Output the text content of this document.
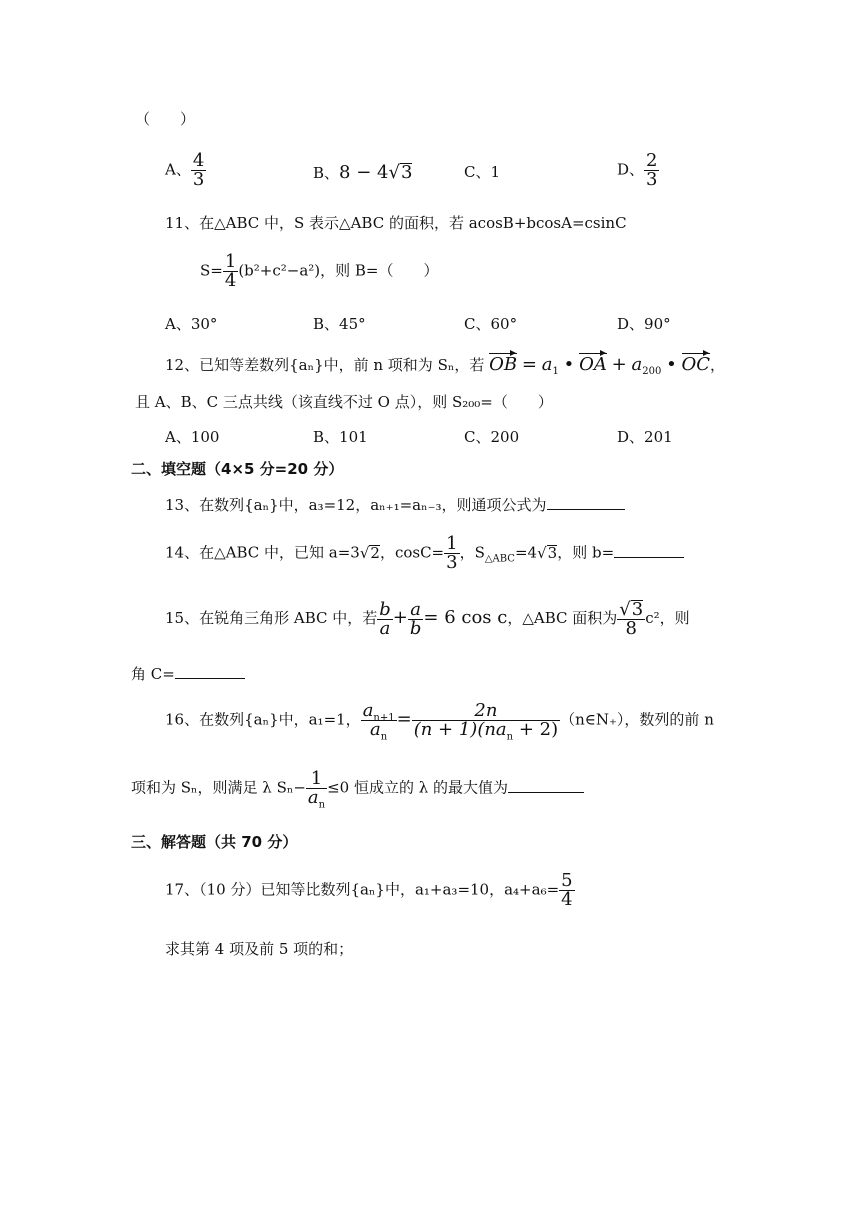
（　　）
A、 $\frac{4}{3}$	B、8 − 4√3	C、1	D、 $\frac{2}{3}$
11、在△ABC 中，S 表示△ABC 的面积，若 acosB+bcosA=csinC
$S= \frac{1}{4} (b^2+c^2-a^2)$，则 B=（　　）
A、30°	B、45°	C、60°	D、90°
12、已知等差数列{aₙ}中，前 n 项和为 Sₙ，若 OB = $a_1$ • OA + $a_{200}$ • OC，
且 A、B、C 三点共线（该直线不过 O 点），则 S₂₀₀=（　　）
A、100	B、101	C、200	D、201
二、填空题（4×5 分=20 分）
13、在数列{aₙ}中，a₃=12，aₙ₊₁=aₙ₋₃，则通项公式为
14、在△ABC 中，已知 a=3√2，$\cos C= \frac{1}{3}$ ，$S_{\triangle ABC}=4√3$，则 b=
15、在锐角三角形 ABC 中，若 $\frac{b}{a} + \frac{a}{b} = 6$ cos c，△ABC 面积为 $\frac{√3}{8} c^2$，则
角 C=
16、在数列{aₙ}中，a₁=1， $\frac{a_{n+1}}{a_n} = \frac{2n}{(n + 1)(na_n + 2)}$ （n∈N₊），数列的前 n
项和为 Sₙ，则满足 λ $S_n- \frac{1}{a_n} \le 0$ 恒成立的 λ 的最大值为
三、解答题（共 70 分）
17、（10 分）已知等比数列{aₙ}中，a₁+a₃=10，$a_4+a_6= \frac{5}{4}$
求其第 4 项及前 5 项的和；
